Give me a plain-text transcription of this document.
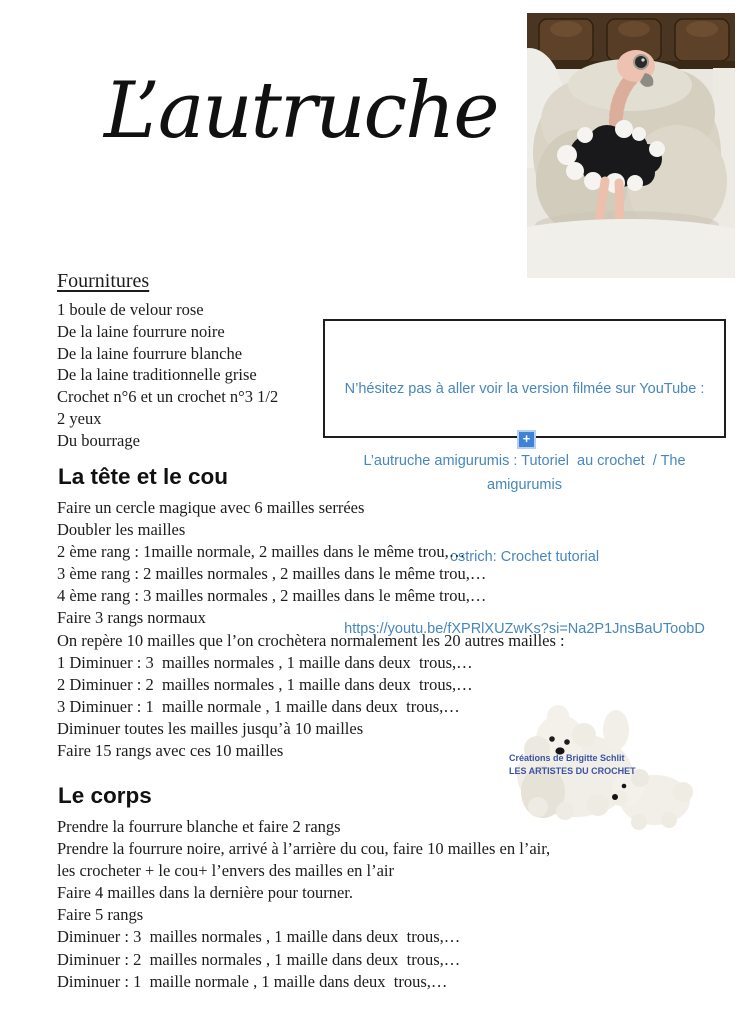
L’autruche
Fournitures
1 boule de velour rose
De la laine fourrure noire
De la laine fourrure blanche
De la laine traditionnelle grise
Crochet n°6 et un crochet n°3 1/2
2 yeux
Du bourrage

N’hésitez pas à aller voir la version filmée sur YouTube :

L’autruche amigurumis : Tutoriel  au crochet  / The amigurumis

ostrich: Crochet tutorial

https://youtu.be/fXPRlXUZwKs?si=Na2P1JnsBaUToobD

+
La tête et le cou
Faire un cercle magique avec 6 mailles serrées
Doubler les mailles
2 ème rang : 1maille normale, 2 mailles dans le même trou,…
3 ème rang : 2 mailles normales , 2 mailles dans le même trou,…
4 ème rang : 3 mailles normales , 2 mailles dans le même trou,…
Faire 3 rangs normaux
On repère 10 mailles que l’on crochètera normalement les 20 autres mailles :
1 Diminuer : 3  mailles normales , 1 maille dans deux  trous,…
2 Diminuer : 2  mailles normales , 1 maille dans deux  trous,…
3 Diminuer : 1  maille normale , 1 maille dans deux  trous,…
Diminuer toutes les mailles jusqu’à 10 mailles
Faire 15 rangs avec ces 10 mailles	Créations de Brigitte Schlit
LES ARTISTES DU CROCHET
Le corps
Prendre la fourrure blanche et faire 2 rangs
Prendre la fourrure noire, arrivé à l’arrière du cou, faire 10 mailles en l’air,
les crocheter + le cou+ l’envers des mailles en l’air
Faire 4 mailles dans la dernière pour tourner.
Faire 5 rangs
Diminuer : 3  mailles normales , 1 maille dans deux  trous,…
Diminuer : 2  mailles normales , 1 maille dans deux  trous,…
Diminuer : 1  maille normale , 1 maille dans deux  trous,…
